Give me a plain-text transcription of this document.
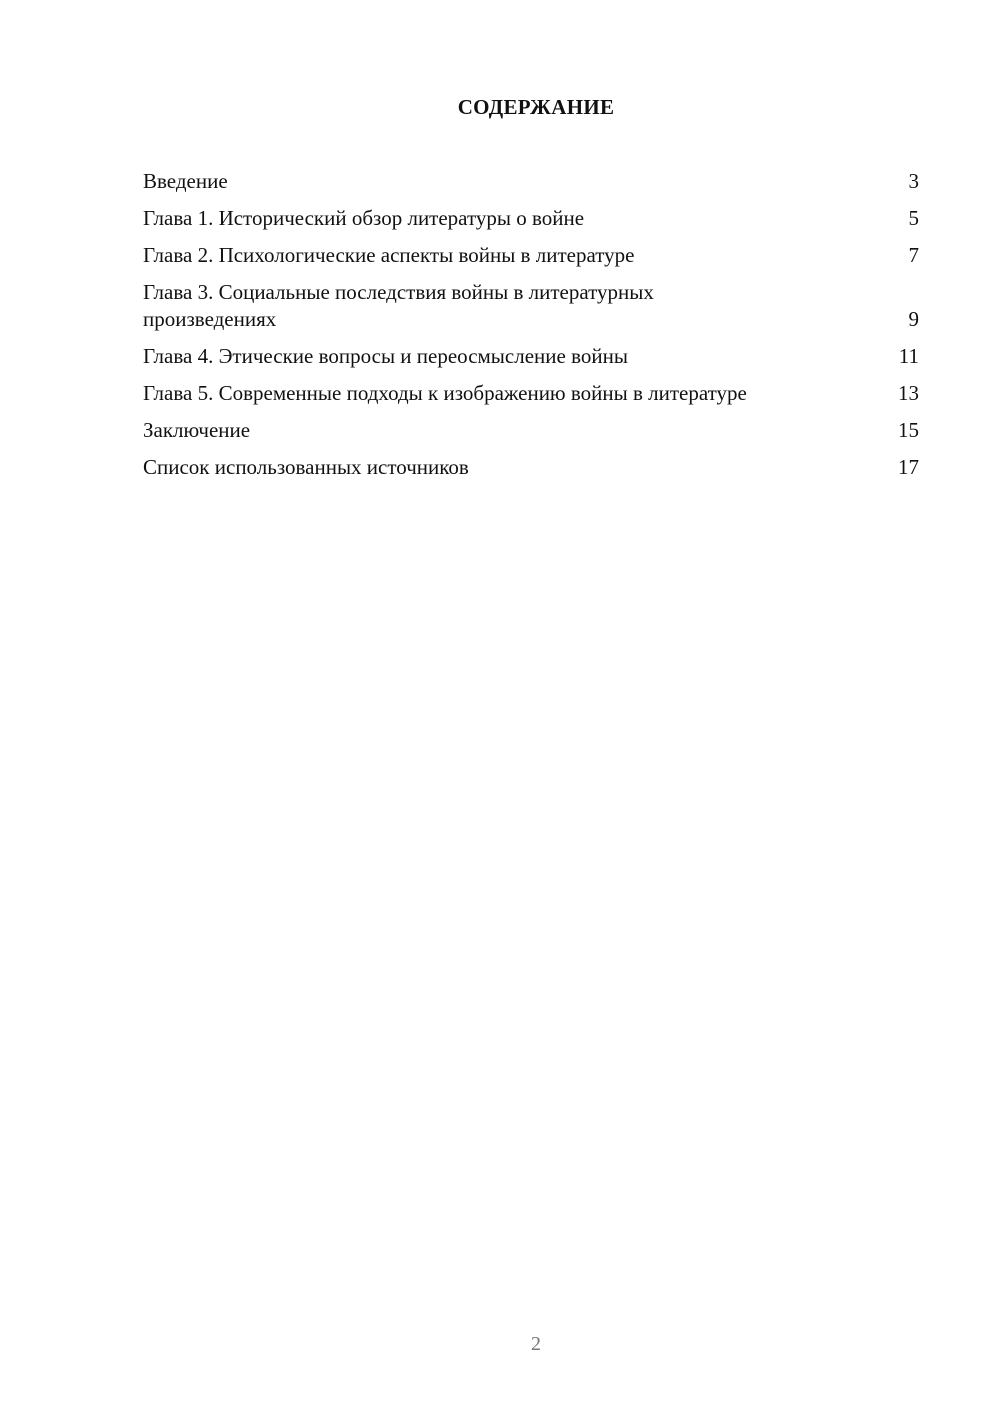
СОДЕРЖАНИЕ
Введение	3
Глава 1. Исторический обзор литературы о войне	5
Глава 2. Психологические аспекты войны в литературе	7
Глава 3. Социальные последствия войны в литературных произведениях	9
Глава 4. Этические вопросы и переосмысление войны	11
Глава 5. Современные подходы к изображению войны в литературе	13
Заключение	15
Список использованных источников	17
2
